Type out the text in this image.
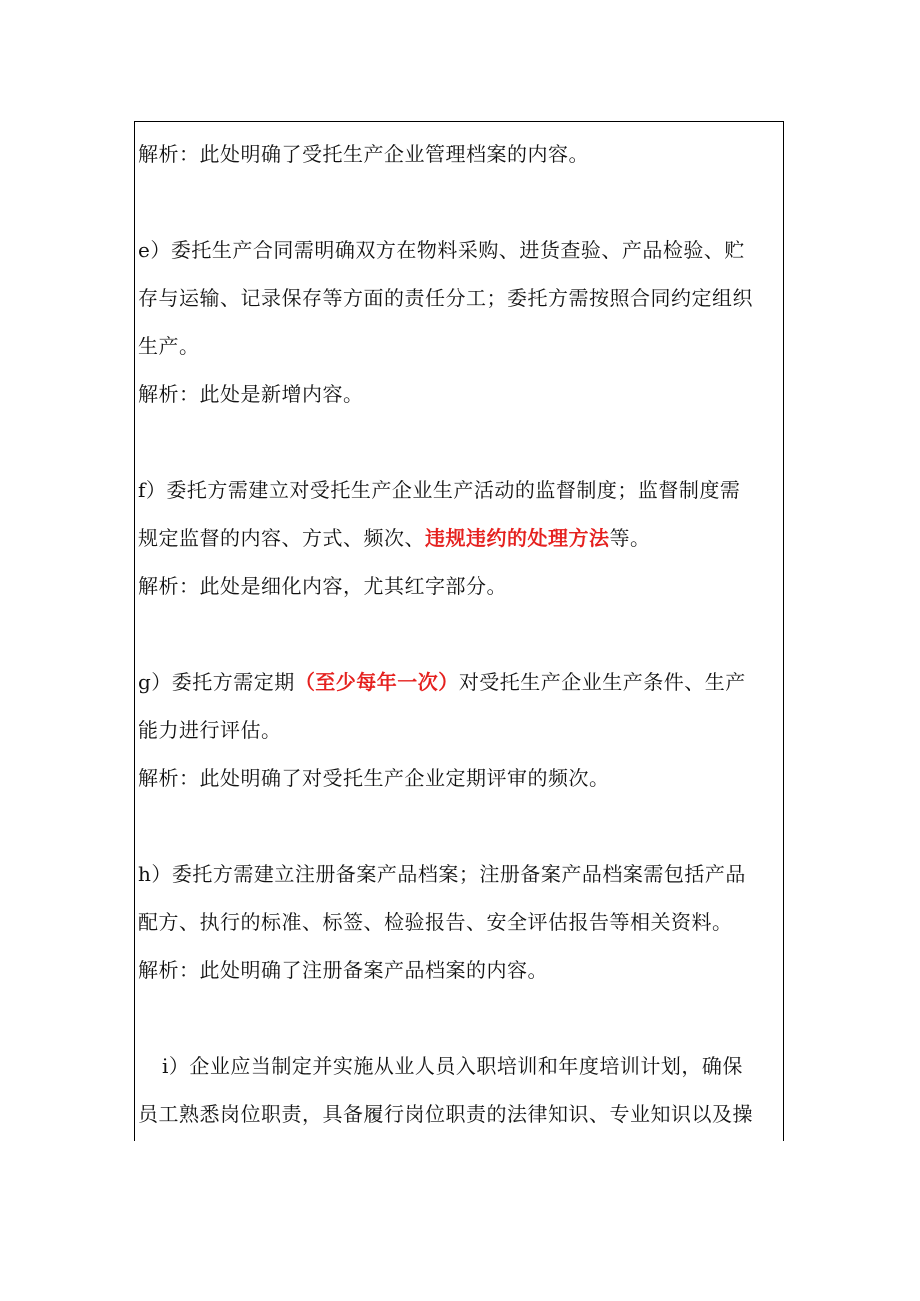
解析：此处明确了受托生产企业管理档案的内容。
e）委托生产合同需明确双方在物料采购、进货查验、产品检验、贮
存与运输、记录保存等方面的责任分工；委托方需按照合同约定组织
生产。
解析：此处是新增内容。
f）委托方需建立对受托生产企业生产活动的监督制度；监督制度需
规定监督的内容、方式、频次、违规违约的处理方法等。
解析：此处是细化内容，尤其红字部分。
g）委托方需定期（至少每年一次）对受托生产企业生产条件、生产
能力进行评估。
解析：此处明确了对受托生产企业定期评审的频次。
h）委托方需建立注册备案产品档案；注册备案产品档案需包括产品
配方、执行的标准、标签、检验报告、安全评估报告等相关资料。
解析：此处明确了注册备案产品档案的内容。
i）企业应当制定并实施从业人员入职培训和年度培训计划，确保
员工熟悉岗位职责，具备履行岗位职责的法律知识、专业知识以及操
